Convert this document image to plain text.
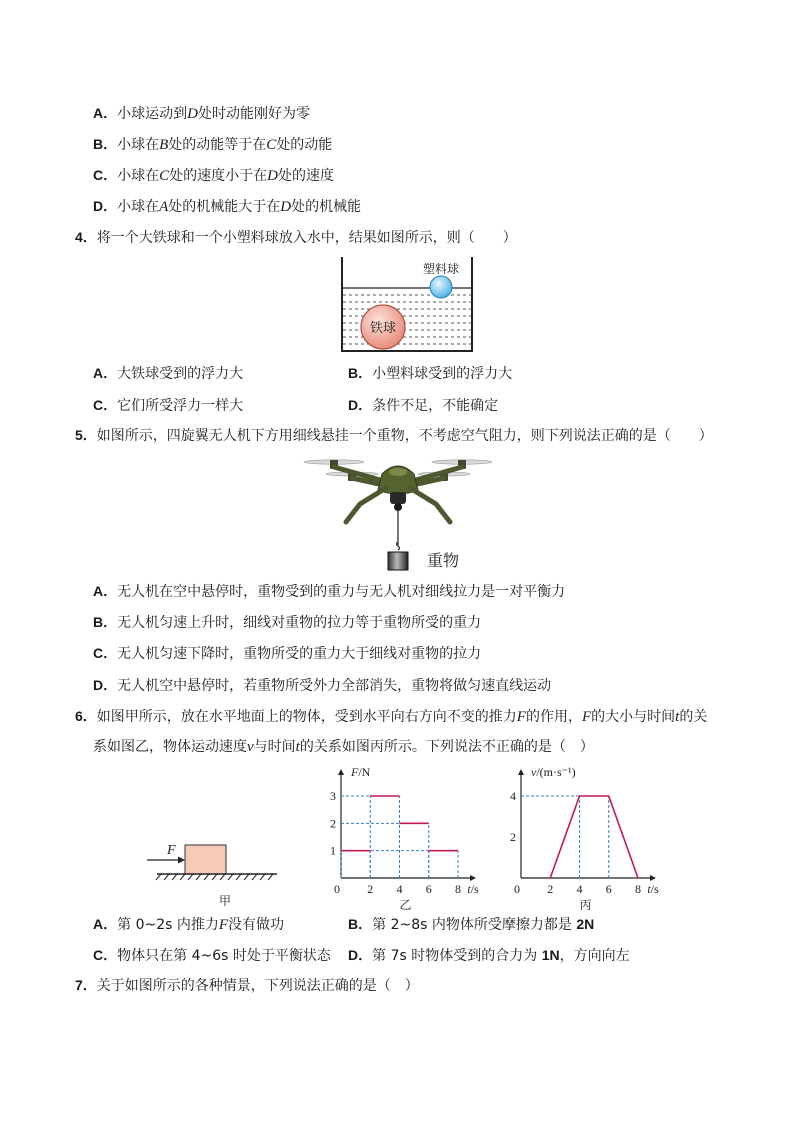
A．小球运动到D处时动能刚好为零
B．小球在B处的动能等于在C处的动能
C．小球在C处的速度小于在D处的速度
D．小球在A处的机械能大于在D处的机械能
4．将一个大铁球和一个小塑料球放入水中，结果如图所示，则（　　）
铁球
塑料球
A．大铁球受到的浮力大	B．小塑料球受到的浮力大
C．它们所受浮力一样大	D．条件不足，不能确定
5．如图所示，四旋翼无人机下方用细线悬挂一个重物，不考虑空气阻力，则下列说法正确的是（　　）
重物
A．无人机在空中悬停时，重物受到的重力与无人机对细线拉力是一对平衡力
B．无人机匀速上升时，细线对重物的拉力等于重物所受的重力
C．无人机匀速下降时，重物所受的重力大于细线对重物的拉力
D．无人机空中悬停时，若重物所受外力全部消失，重物将做匀速直线运动
6．如图甲所示，放在水平地面上的物体，受到水平向右方向不变的推力F的作用，F的大小与时间t的关
系如图乙，物体运动速度v与时间t的关系如图丙所示。下列说法不正确的是（　）
F
甲
F/N
t/s
0 2 4 6 8
1
2
3
乙
v/(m·s⁻¹)
t/s
0 2 4 6 8
2
4
丙
A．第 0~2s 内推力F没有做功	B．第 2~8s 内物体所受摩擦力都是 2N
C．物体只在第 4~6s 时处于平衡状态 D．第 7s 时物体受到的合力为 1N，方向向左
7．关于如图所示的各种情景，下列说法正确的是（　）
